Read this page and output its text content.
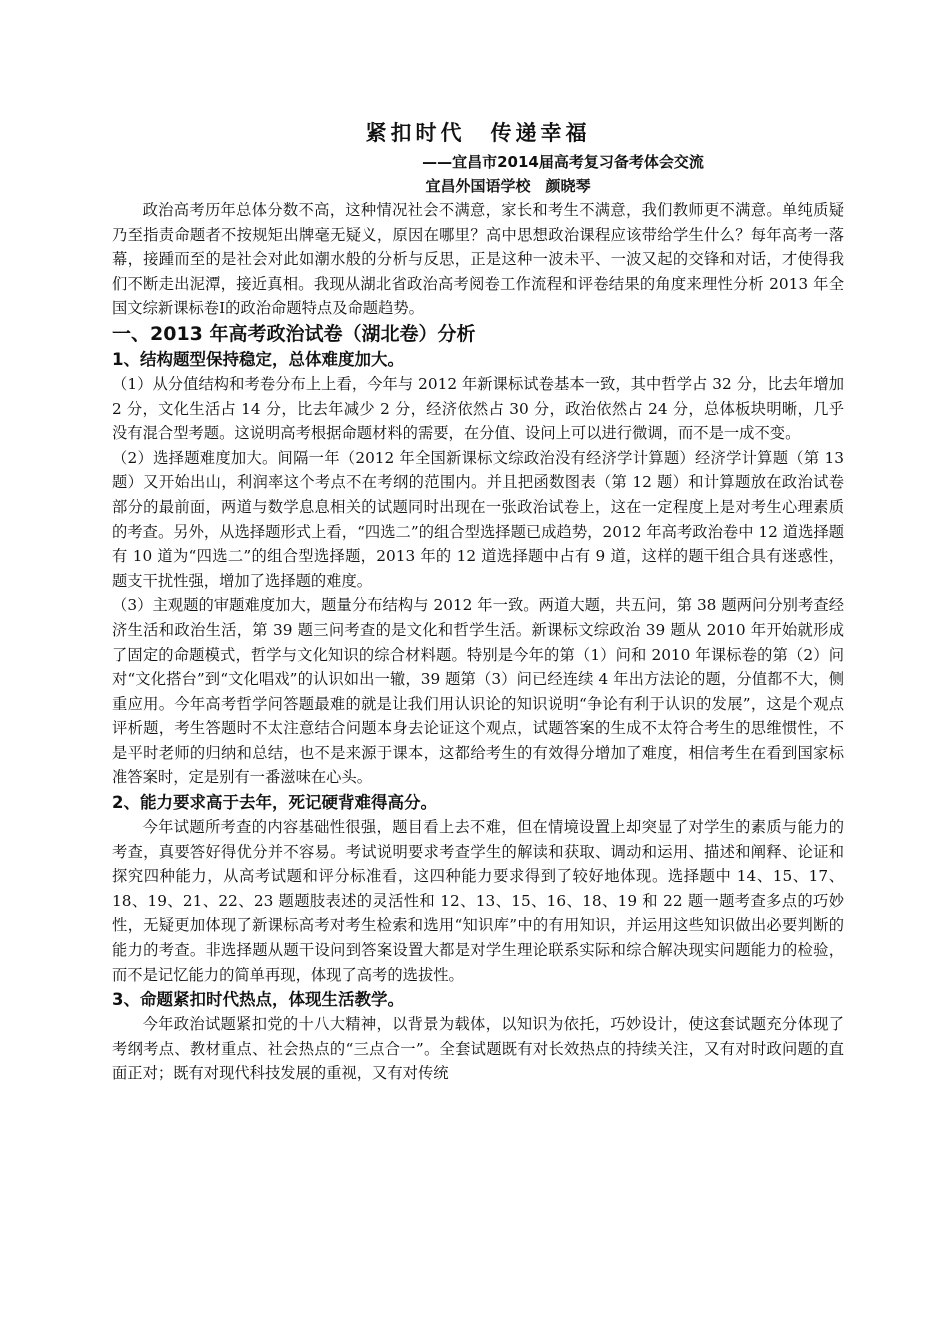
紧扣时代　传递幸福
——宜昌市2014届高考复习备考体会交流
宜昌外国语学校　颜晓琴

政治高考历年总体分数不高，这种情况社会不满意，家长和考生不满意，我们教师更不满意。单纯质疑乃至指责命题者不按规矩出牌毫无疑义，原因在哪里？高中思想政治课程应该带给学生什么？每年高考一落幕，接踵而至的是社会对此如潮水般的分析与反思，正是这种一波未平、一波又起的交锋和对话，才使得我们不断走出泥潭，接近真相。我现从湖北省政治高考阅卷工作流程和评卷结果的角度来理性分析 2013 年全国文综新课标卷Ⅰ的政治命题特点及命题趋势。

一、2013 年高考政治试卷（湖北卷）分析
1、结构题型保持稳定，总体难度加大。

（1）从分值结构和考卷分布上上看，今年与 2012 年新课标试卷基本一致，其中哲学占 32 分，比去年增加 2 分，文化生活占 14 分，比去年减少 2 分，经济依然占 30 分，政治依然占 24 分，总体板块明晰，几乎没有混合型考题。这说明高考根据命题材料的需要，在分值、设问上可以进行微调，而不是一成不变。

（2）选择题难度加大。间隔一年（2012 年全国新课标文综政治没有经济学计算题）经济学计算题（第 13 题）又开始出山，利润率这个考点不在考纲的范围内。并且把函数图表（第 12 题）和计算题放在政治试卷部分的最前面，两道与数学息息相关的试题同时出现在一张政治试卷上，这在一定程度上是对考生心理素质的考查。另外，从选择题形式上看，“四选二”的组合型选择题已成趋势，2012 年高考政治卷中 12 道选择题有 10 道为“四选二”的组合型选择题，2013 年的 12 道选择题中占有 9 道，这样的题干组合具有迷惑性，题支干扰性强，增加了选择题的难度。

（3）主观题的审题难度加大，题量分布结构与 2012 年一致。两道大题，共五问，第 38 题两问分别考查经济生活和政治生活，第 39 题三问考查的是文化和哲学生活。新课标文综政治 39 题从 2010 年开始就形成了固定的命题模式，哲学与文化知识的综合材料题。特别是今年的第（1）问和 2010 年课标卷的第（2）问对“文化搭台”到“文化唱戏”的认识如出一辙，39 题第（3）问已经连续 4 年出方法论的题，分值都不大，侧重应用。今年高考哲学问答题最难的就是让我们用认识论的知识说明“争论有利于认识的发展”，这是个观点评析题，考生答题时不太注意结合问题本身去论证这个观点，试题答案的生成不太符合考生的思维惯性，不是平时老师的归纳和总结，也不是来源于课本，这都给考生的有效得分增加了难度，相信考生在看到国家标准答案时，定是别有一番滋味在心头。

2、能力要求高于去年，死记硬背难得高分。

今年试题所考查的内容基础性很强，题目看上去不难，但在情境设置上却突显了对学生的素质与能力的考查，真要答好得优分并不容易。考试说明要求考查学生的解读和获取、调动和运用、描述和阐释、论证和探究四种能力，从高考试题和评分标准看，这四种能力要求得到了较好地体现。选择题中 14、15、17、18、19、21、22、23 题题肢表述的灵活性和 12、13、15、16、18、19 和 22 题一题考查多点的巧妙性，无疑更加体现了新课标高考对考生检索和选用“知识库”中的有用知识，并运用这些知识做出必要判断的能力的考查。非选择题从题干设问到答案设置大都是对学生理论联系实际和综合解决现实问题能力的检验，而不是记忆能力的简单再现，体现了高考的选拔性。

3、命题紧扣时代热点，体现生活教学。

今年政治试题紧扣党的十八大精神，以背景为载体，以知识为依托，巧妙设计，使这套试题充分体现了考纲考点、教材重点、社会热点的“三点合一”。全套试题既有对长效热点的持续关注，又有对时政问题的直面正对；既有对现代科技发展的重视，又有对传统
